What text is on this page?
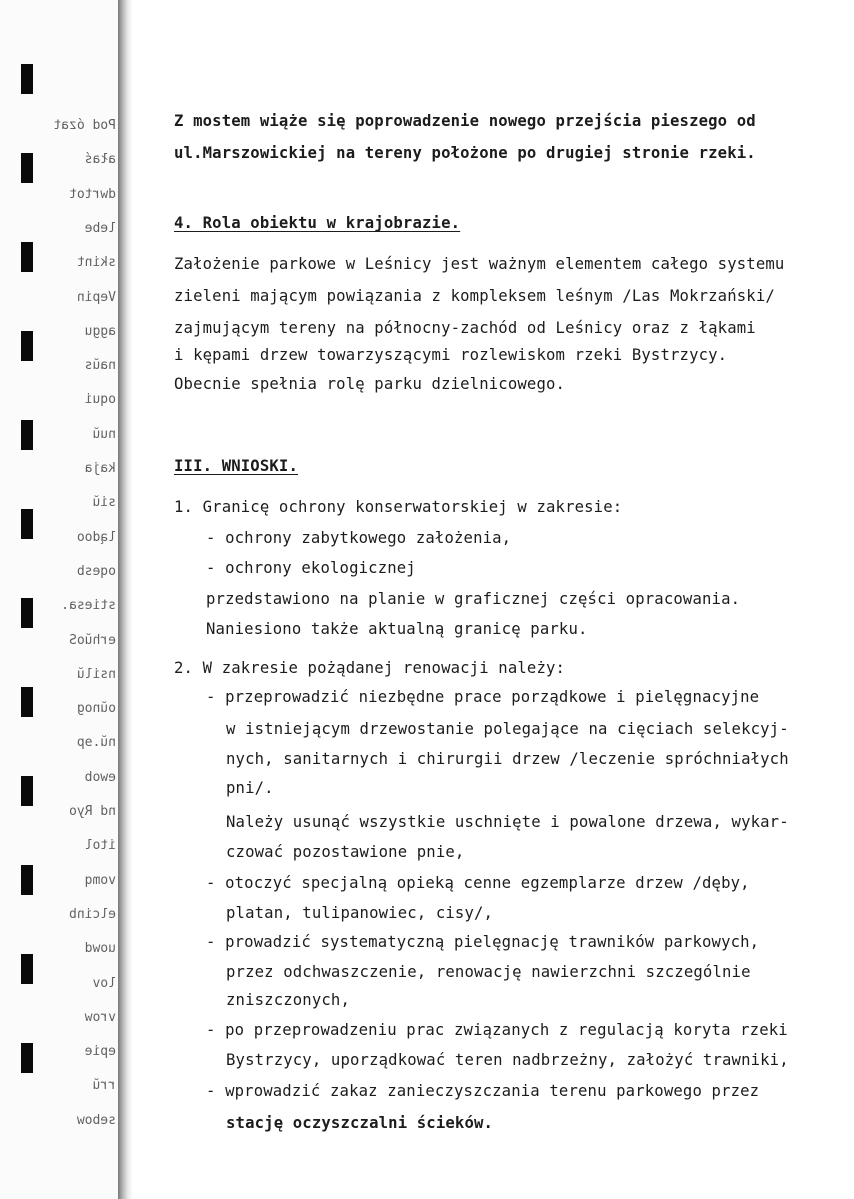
Pod ózat
ałaś
dwrtot
lebe
skint
Vepin
aggu
naŭs
oqui
nuŭ
kaja
siŭ
lądoo
oqesb
stiesa.
erhŭoS
nsilŭ
oŭnog
nŭ.ɘp
ewob
nd Ryo
itol
vomq
elcinb
uowd
lov
vrow
epie
rrŭ
sebow
Z mostem wiąże się poprowadzenie nowego przejścia pieszego od
ul.Marszowickiej na tereny położone po drugiej stronie rzeki.
4. Rola obiektu w krajobrazie.
Założenie parkowe w Leśnicy jest ważnym elementem całego systemu
zieleni mającym powiązania z kompleksem leśnym /Las Mokrzański/
zajmującym tereny na północny-zachód od Leśnicy oraz z łąkami
i kępami drzew towarzyszącymi rozlewiskom rzeki Bystrzycy.
Obecnie spełnia rolę parku dzielnicowego.
III. WNIOSKI.
1. Granicę ochrony konserwatorskiej w zakresie:
- ochrony zabytkowego założenia,
- ochrony ekologicznej
przedstawiono na planie w graficznej części opracowania.
Naniesiono także aktualną granicę parku.
2. W zakresie pożądanej renowacji należy:
- przeprowadzić niezbędne prace porządkowe i pielęgnacyjne
w istniejącym drzewostanie polegające na cięciach selekcyj-
nych, sanitarnych i chirurgii drzew /leczenie spróchniałych
pni/.
Należy usunąć wszystkie uschnięte i powalone drzewa, wykar-
czować pozostawione pnie,
- otoczyć specjalną opieką cenne egzemplarze drzew /dęby,
platan, tulipanowiec, cisy/,
- prowadzić systematyczną pielęgnację trawników parkowych,
przez odchwaszczenie, renowację nawierzchni szczególnie
zniszczonych,
- po przeprowadzeniu prac związanych z regulacją koryta rzeki
Bystrzycy, uporządkować teren nadbrzeżny, założyć trawniki,
- wprowadzić zakaz zanieczyszczania terenu parkowego przez
stację oczyszczalni ścieków.
